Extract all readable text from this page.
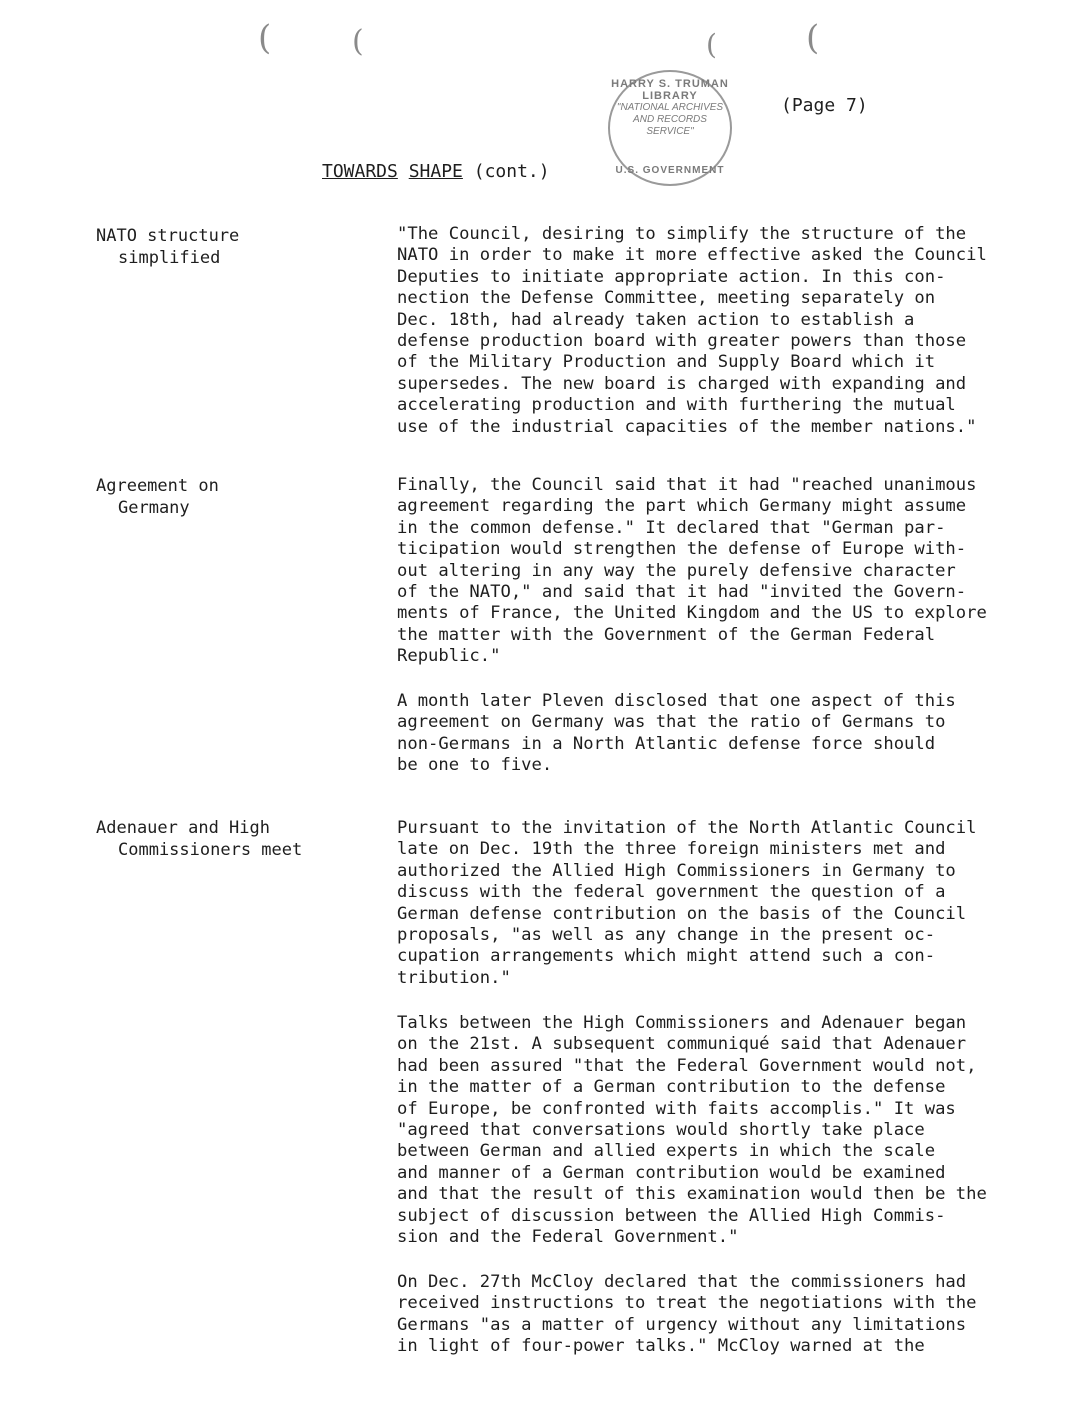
(	(	(	(
HARRY S. TRUMAN LIBRARY
"NATIONAL ARCHIVES AND RECORDS SERVICE"
U.S. GOVERNMENT
(Page 7)
TOWARDS SHAPE (cont.)
NATO structure
simplified
"The Council, desiring to simplify the structure of the
NATO in order to make it more effective asked the Council
Deputies to initiate appropriate action. In this con-
nection the Defense Committee, meeting separately on
Dec. 18th, had already taken action to establish a
defense production board with greater powers than those
of the Military Production and Supply Board which it
supersedes. The new board is charged with expanding and
accelerating production and with furthering the mutual
use of the industrial capacities of the member nations."
Agreement on
Germany
Finally, the Council said that it had "reached unanimous
agreement regarding the part which Germany might assume
in the common defense." It declared that "German par-
ticipation would strengthen the defense of Europe with-
out altering in any way the purely defensive character
of the NATO," and said that it had "invited the Govern-
ments of France, the United Kingdom and the US to explore
the matter with the Government of the German Federal
Republic."
A month later Pleven disclosed that one aspect of this
agreement on Germany was that the ratio of Germans to
non-Germans in a North Atlantic defense force should
be one to five.
Adenauer and High
Commissioners meet
Pursuant to the invitation of the North Atlantic Council
late on Dec. 19th the three foreign ministers met and
authorized the Allied High Commissioners in Germany to
discuss with the federal government the question of a
German defense contribution on the basis of the Council
proposals, "as well as any change in the present oc-
cupation arrangements which might attend such a con-
tribution."
Talks between the High Commissioners and Adenauer began
on the 21st. A subsequent communiqué said that Adenauer
had been assured "that the Federal Government would not,
in the matter of a German contribution to the defense
of Europe, be confronted with faits accomplis." It was
"agreed that conversations would shortly take place
between German and allied experts in which the scale
and manner of a German contribution would be examined
and that the result of this examination would then be the
subject of discussion between the Allied High Commis-
sion and the Federal Government."
On Dec. 27th McCloy declared that the commissioners had
received instructions to treat the negotiations with the
Germans "as a matter of urgency without any limitations
in light of four-power talks." McCloy warned at the
